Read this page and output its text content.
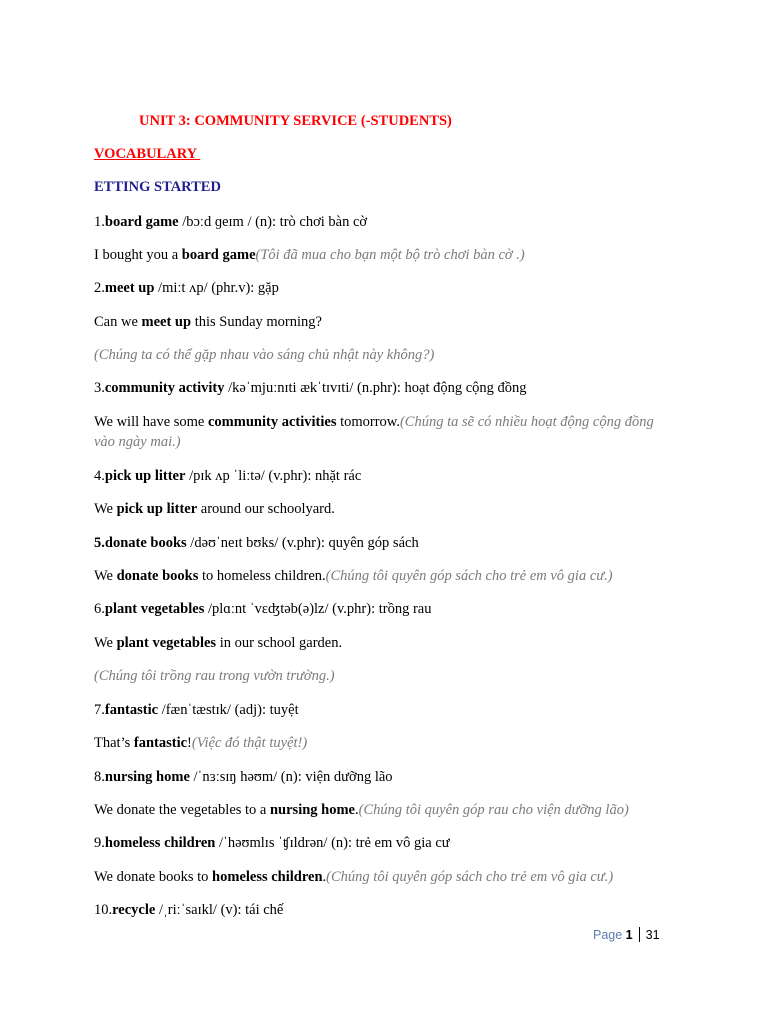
UNIT 3: COMMUNITY SERVICE (-STUDENTS)
VOCABULARY
ETTING STARTED
1.board game /bɔːd ɡeɪm / (n): trò chơi bàn cờ
I bought you a board game(Tôi đã mua cho bạn một bộ trò chơi bàn cờ .)
2.meet up /miːt ʌp/ (phr.v): gặp
Can we meet up this Sunday morning?
(Chúng ta có thể gặp nhau vào sáng chủ nhật này không?)
3.community activity /kəˈmjuːnɪti ækˈtɪvɪti/ (n.phr): hoạt động cộng đồng
We will have some community activities tomorrow.(Chúng ta sẽ có nhiều hoạt động cộng đồng vào ngày mai.)
4.pick up litter /pɪk ʌp ˈliːtə/ (v.phr): nhặt rác
We pick up litter around our schoolyard.
5.donate books /dəʊˈneɪt bʊks/ (v.phr): quyên góp sách
We donate books to homeless children.(Chúng tôi quyên góp sách cho trẻ em vô gia cư.)
6.plant vegetables /plɑːnt ˈvɛʤtəb(ə)lz/ (v.phr): trồng rau
We plant vegetables in our school garden.
(Chúng tôi trồng rau trong vườn trường.)
7.fantastic /fænˈtæstɪk/ (adj): tuyệt
That’s fantastic!(Việc đó thật tuyệt!)
8.nursing home /ˈnɜːsɪŋ həʊm/ (n): viện dưỡng lão
We donate the vegetables to a nursing home.(Chúng tôi quyên góp rau cho viện dưỡng lão)
9.homeless children /ˈhəʊmlɪs ˈʧɪldrən/ (n): trẻ em vô gia cư
We donate books to homeless children.(Chúng tôi quyên góp sách cho trẻ em vô gia cư.)
10.recycle /ˌriːˈsaɪkl/ (v): tái chế
Page 1 31
